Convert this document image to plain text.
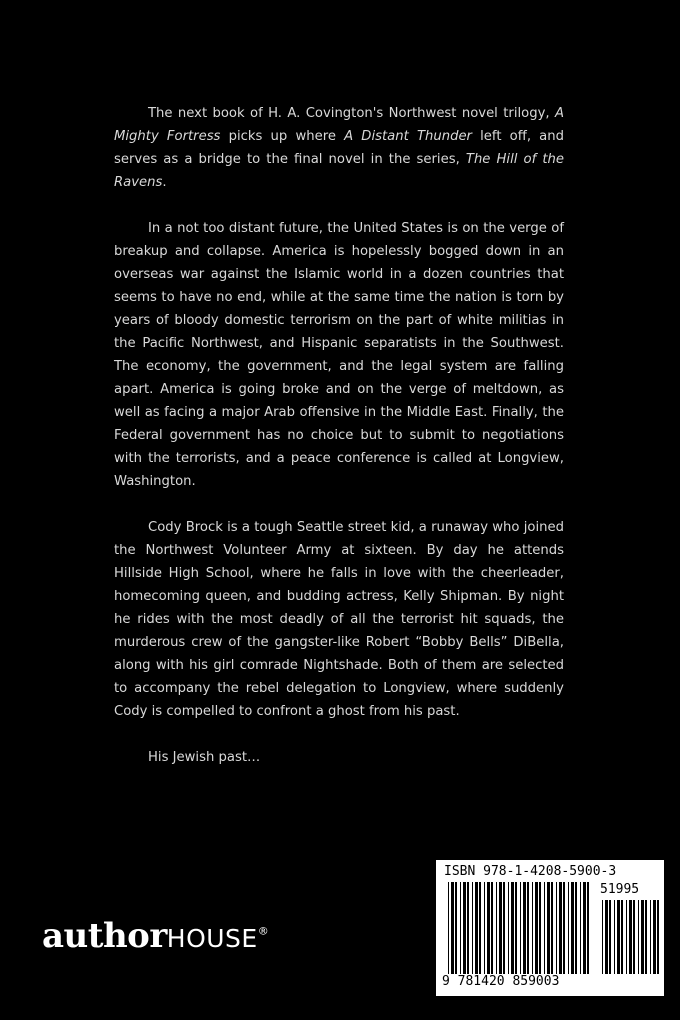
The next book of H. A. Covington's Northwest novel trilogy, A Mighty Fortress picks up where A Distant Thunder left off, and serves as a bridge to the final novel in the series, The Hill of the Ravens.

In a not too distant future, the United States is on the verge of breakup and collapse. America is hopelessly bogged down in an overseas war against the Islamic world in a dozen countries that seems to have no end, while at the same time the nation is torn by years of bloody domestic terrorism on the part of white militias in the Pacific Northwest, and Hispanic separatists in the Southwest. The economy, the government, and the legal system are falling apart. America is going broke and on the verge of meltdown, as well as facing a major Arab offensive in the Middle East. Finally, the Federal government has no choice but to submit to negotiations with the terrorists, and a peace conference is called at Longview, Washington.

Cody Brock is a tough Seattle street kid, a runaway who joined the Northwest Volunteer Army at sixteen. By day he attends Hillside High School, where he falls in love with the cheerleader, homecoming queen, and budding actress, Kelly Shipman. By night he rides with the most deadly of all the terrorist hit squads, the murderous crew of the gangster-like Robert “Bobby Bells” DiBella, along with his girl comrade Nightshade. Both of them are selected to accompany the rebel delegation to Longview, where suddenly Cody is compelled to confront a ghost from his past.

His Jewish past…

authorHOUSE®
ISBN 978-1-4208-5900-3
51995
9 781420 859003
